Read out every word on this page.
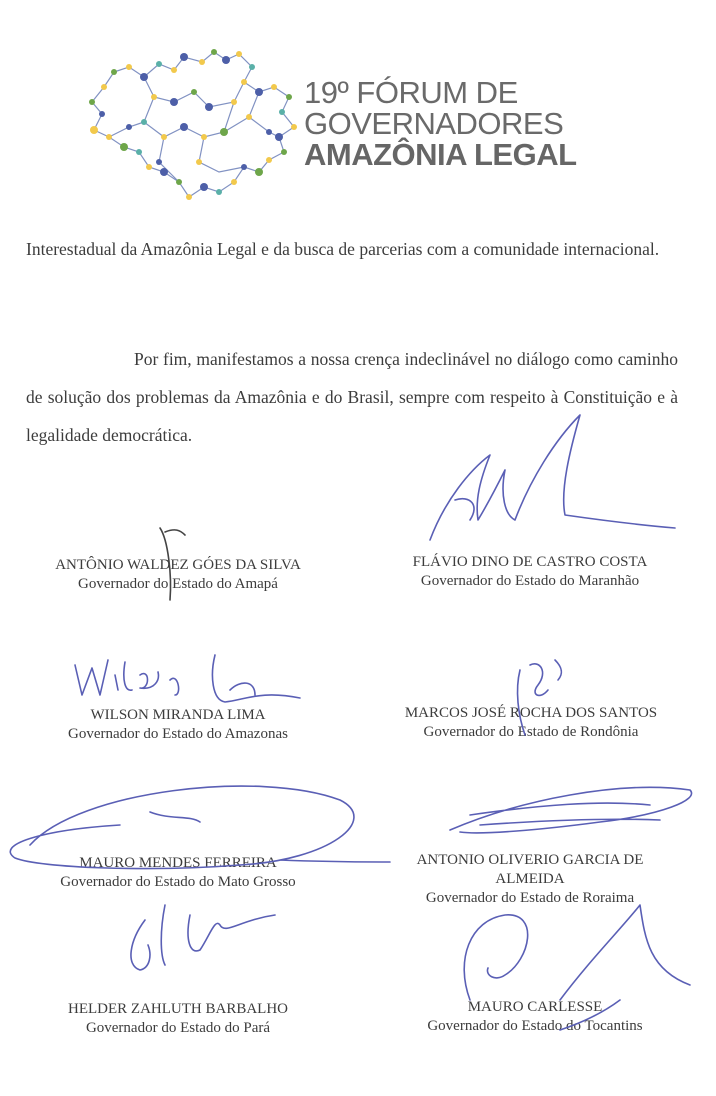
19º FÓRUM DE
GOVERNADORES
AMAZÔNIA LEGAL
Interestadual da Amazônia Legal e da busca de parcerias com a comunidade internacional.
Por fim, manifestamos a nossa crença indeclinável no diálogo como caminho de solução dos problemas da Amazônia e do Brasil, sempre com respeito à Constituição e à legalidade democrática.
ANTÔNIO WALDEZ GÓES DA SILVA
Governador do Estado do Amapá
FLÁVIO DINO DE CASTRO COSTA
Governador do Estado do Maranhão
WILSON MIRANDA LIMA
Governador do Estado do Amazonas
MARCOS JOSÉ ROCHA DOS SANTOS
Governador do Estado de Rondônia
MAURO MENDES FERREIRA
Governador do Estado do Mato Grosso
ANTONIO OLIVERIO GARCIA DE ALMEIDA
Governador do Estado de Roraima
HELDER ZAHLUTH BARBALHO
Governador do Estado do Pará
MAURO CARLESSE
Governador do Estado do Tocantins
